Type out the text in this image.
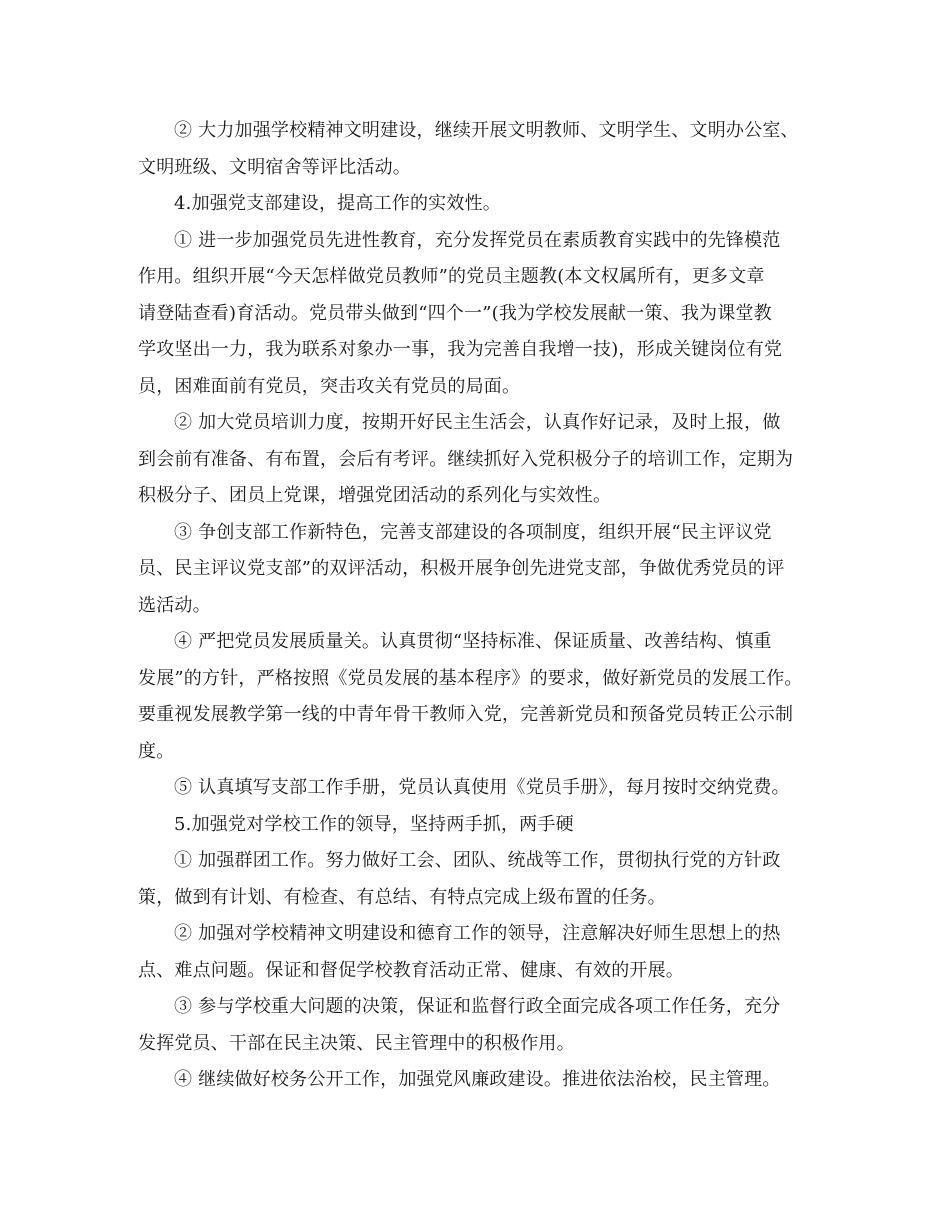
② 大力加强学校精神文明建设，继续开展文明教师、文明学生、文明办公室、
文明班级、文明宿舍等评比活动。
4.加强党支部建设，提高工作的实效性。
① 进一步加强党员先进性教育，充分发挥党员在素质教育实践中的先锋模范
作用。组织开展“今天怎样做党员教师”的党员主题教(本文权属所有，更多文章
请登陆查看)育活动。党员带头做到“四个一”(我为学校发展献一策、我为课堂教
学攻坚出一力，我为联系对象办一事，我为完善自我增一技)，形成关键岗位有党
员，困难面前有党员，突击攻关有党员的局面。
② 加大党员培训力度，按期开好民主生活会，认真作好记录，及时上报，做
到会前有准备、有布置，会后有考评。继续抓好入党积极分子的培训工作，定期为
积极分子、团员上党课，增强党团活动的系列化与实效性。
③ 争创支部工作新特色，完善支部建设的各项制度，组织开展“民主评议党
员、民主评议党支部”的双评活动，积极开展争创先进党支部，争做优秀党员的评
选活动。
④ 严把党员发展质量关。认真贯彻“坚持标准、保证质量、改善结构、慎重
发展”的方针，严格按照《党员发展的基本程序》的要求，做好新党员的发展工作。
要重视发展教学第一线的中青年骨干教师入党，完善新党员和预备党员转正公示制
度。
⑤ 认真填写支部工作手册，党员认真使用《党员手册》，每月按时交纳党费。
5.加强党对学校工作的领导，坚持两手抓，两手硬
① 加强群团工作。努力做好工会、团队、统战等工作，贯彻执行党的方针政
策，做到有计划、有检查、有总结、有特点完成上级布置的任务。
② 加强对学校精神文明建设和德育工作的领导，注意解决好师生思想上的热
点、难点问题。保证和督促学校教育活动正常、健康、有效的开展。
③ 参与学校重大问题的决策，保证和监督行政全面完成各项工作任务，充分
发挥党员、干部在民主决策、民主管理中的积极作用。
④ 继续做好校务公开工作，加强党风廉政建设。推进依法治校，民主管理。
